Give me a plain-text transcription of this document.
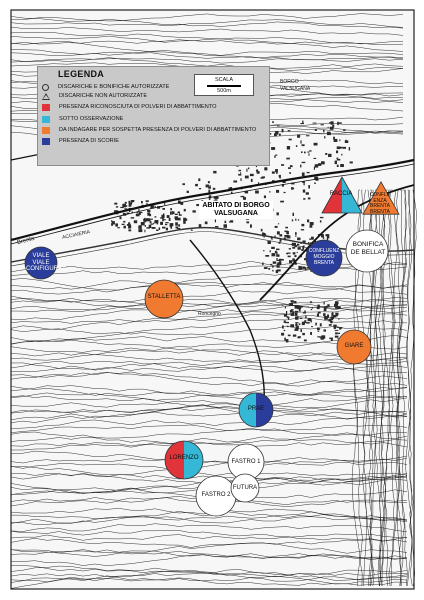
LEGENDA
SCALA
500m
DISCARICHE E BONIFICHE AUTORIZZATE
DISCARICHE NON AUTORIZZATE
PRESENZA RICONOSCIUTA DI POLVERI DI ABBATTIMENTO
SOTTO OSSERVAZIONE
DA INDAGARE PER SOSPETTA PRESENZA DI POLVERI DI ABBATTIMENTO
PRESENZA DI SCORIE
ABITATO DI BORGO
VALSUGANA
ACCIAIERIA
Brenta
BORGO
VALSUGANA
Roncegno
VIALE
VIALE
CONFIGURAZ.
STALLETTA
RACCIA	CONFLU
ENZA
BRENTA
BRENTA
CONFLUENZ
MOGGIO
BRENTA
BONIFICA
DE BELLAT
GIARE
PRAE
LORENZO
FASTRO 1
FASTRO 2
FUTURA
